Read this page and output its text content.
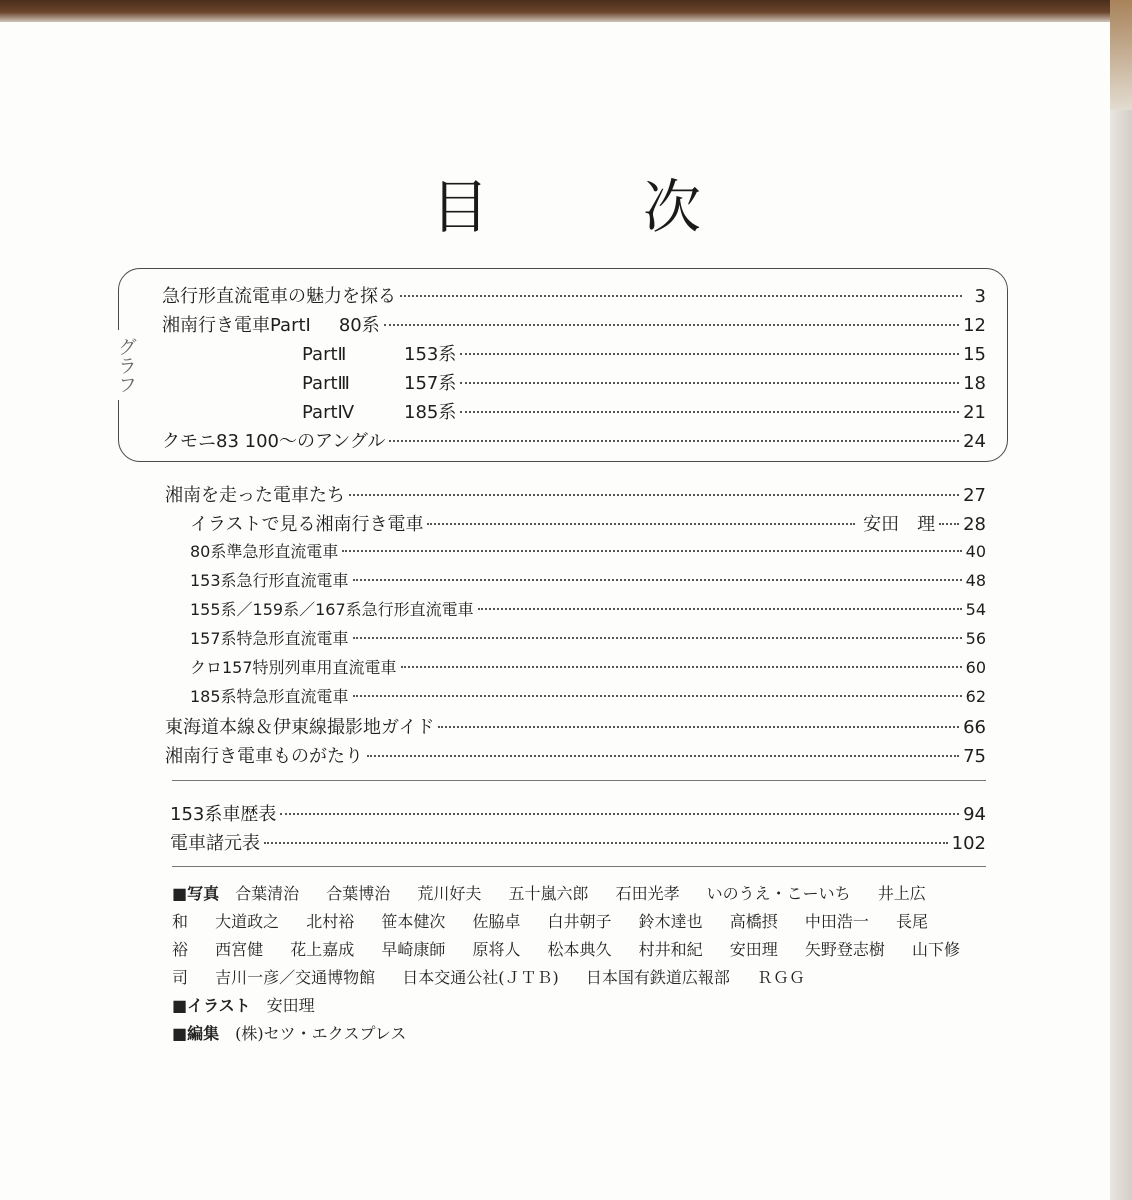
目　次
グラフ
急行形直流電車の魅力を探る	3
湘南行き電車PartⅠ 80系	12
PartⅡ	153系	15
PartⅢ	157系	18
PartⅣ	185系	21
クモニ83 100〜のアングル	24
湘南を走った電車たち	27
イラストで見る湘南行き電車	安田　理 28
80系準急形直流電車	40
153系急行形直流電車	48
155系／159系／167系急行形直流電車	54
157系特急形直流電車	56
クロ157特別列車用直流電車	60
185系特急形直流電車	62
東海道本線＆伊東線撮影地ガイド	66
湘南行き電車ものがたり	75
153系車歴表	94
電車諸元表	102
■写真 合葉清治 合葉博治 荒川好夫 五十嵐六郎 石田光孝 いのうえ・こーいち 井上広和 大道政之 北村裕 笹本健次 佐脇卓 白井朝子 鈴木達也 高橋摂 中田浩一 長尾裕 西宮健 花上嘉成 早崎康師 原将人 松本典久 村井和紀 安田理 矢野登志樹 山下修司 吉川一彦／交通博物館 日本交通公社(ＪＴＢ) 日本国有鉄道広報部 ＲＧＧ
■イラスト 安田理
■編集 (株)セツ・エクスプレス
